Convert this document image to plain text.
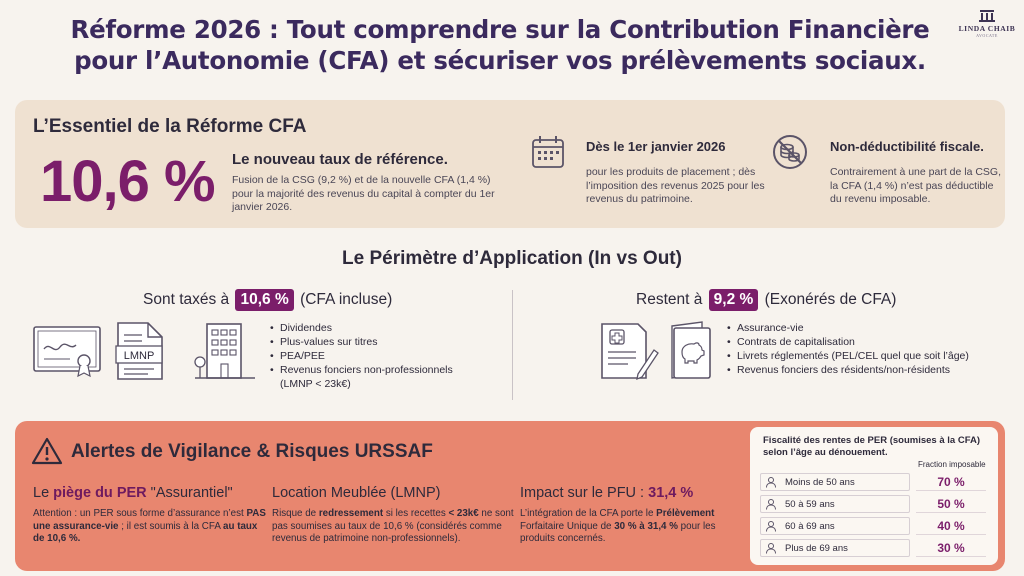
Réforme 2026 : Tout comprendre sur la Contribution Financière
pour l’Autonomie (CFA) et sécuriser vos prélèvements sociaux.
LINDA CHAIB
AVOCATE
L’Essentiel de la Réforme CFA
10,6 % Le nouveau taux de référence.
Fusion de la CSG (9,2 %) et de la nouvelle CFA (1,4 %) pour la majorité des revenus du capital à compter du 1er janvier 2026.
Dès le 1er janvier 2026
pour les produits de placement ; dès l’imposition des revenus 2025 pour les revenus du patrimoine.
Non-déductibilité fiscale.
Contrairement à une part de la CSG, la CFA (1,4 %) n’est pas déductible du revenu imposable.
Le Périmètre d’Application (In vs Out)
Sont taxés à 10,6 % (CFA incluse)
LMNP
• Dividendes
• Plus-values sur titres
• PEA/PEE
• Revenus fonciers non-professionnels (LMNP < 23k€)
Restent à 9,2 % (Exonérés de CFA)
• Assurance-vie
• Contrats de capitalisation
• Livrets réglementés (PEL/CEL quel que soit l’âge)
• Revenus fonciers des résidents/non-résidents
Alertes de Vigilance & Risques URSSAF
Le piège du PER "Assurantiel"
Attention : un PER sous forme d’assurance n’est PAS une assurance-vie ; il est soumis à la CFA au taux de 10,6 %.
Location Meublée (LMNP)
Risque de redressement si les recettes < 23k€ ne sont pas soumises au taux de 10,6 % (considérés comme revenus de patrimoine non-professionnels).
Impact sur le PFU : 31,4 %
L’intégration de la CFA porte le Prélèvement Forfaitaire Unique de 30 % à 31,4 % pour les produits concernés.
Fiscalité des rentes de PER (soumises à la CFA) selon l’âge au dénouement.
Fraction imposable
Moins de 50 ans	70 %
50 à 59 ans	50 %
60 à 69 ans	40 %
Plus de 69 ans	30 %
